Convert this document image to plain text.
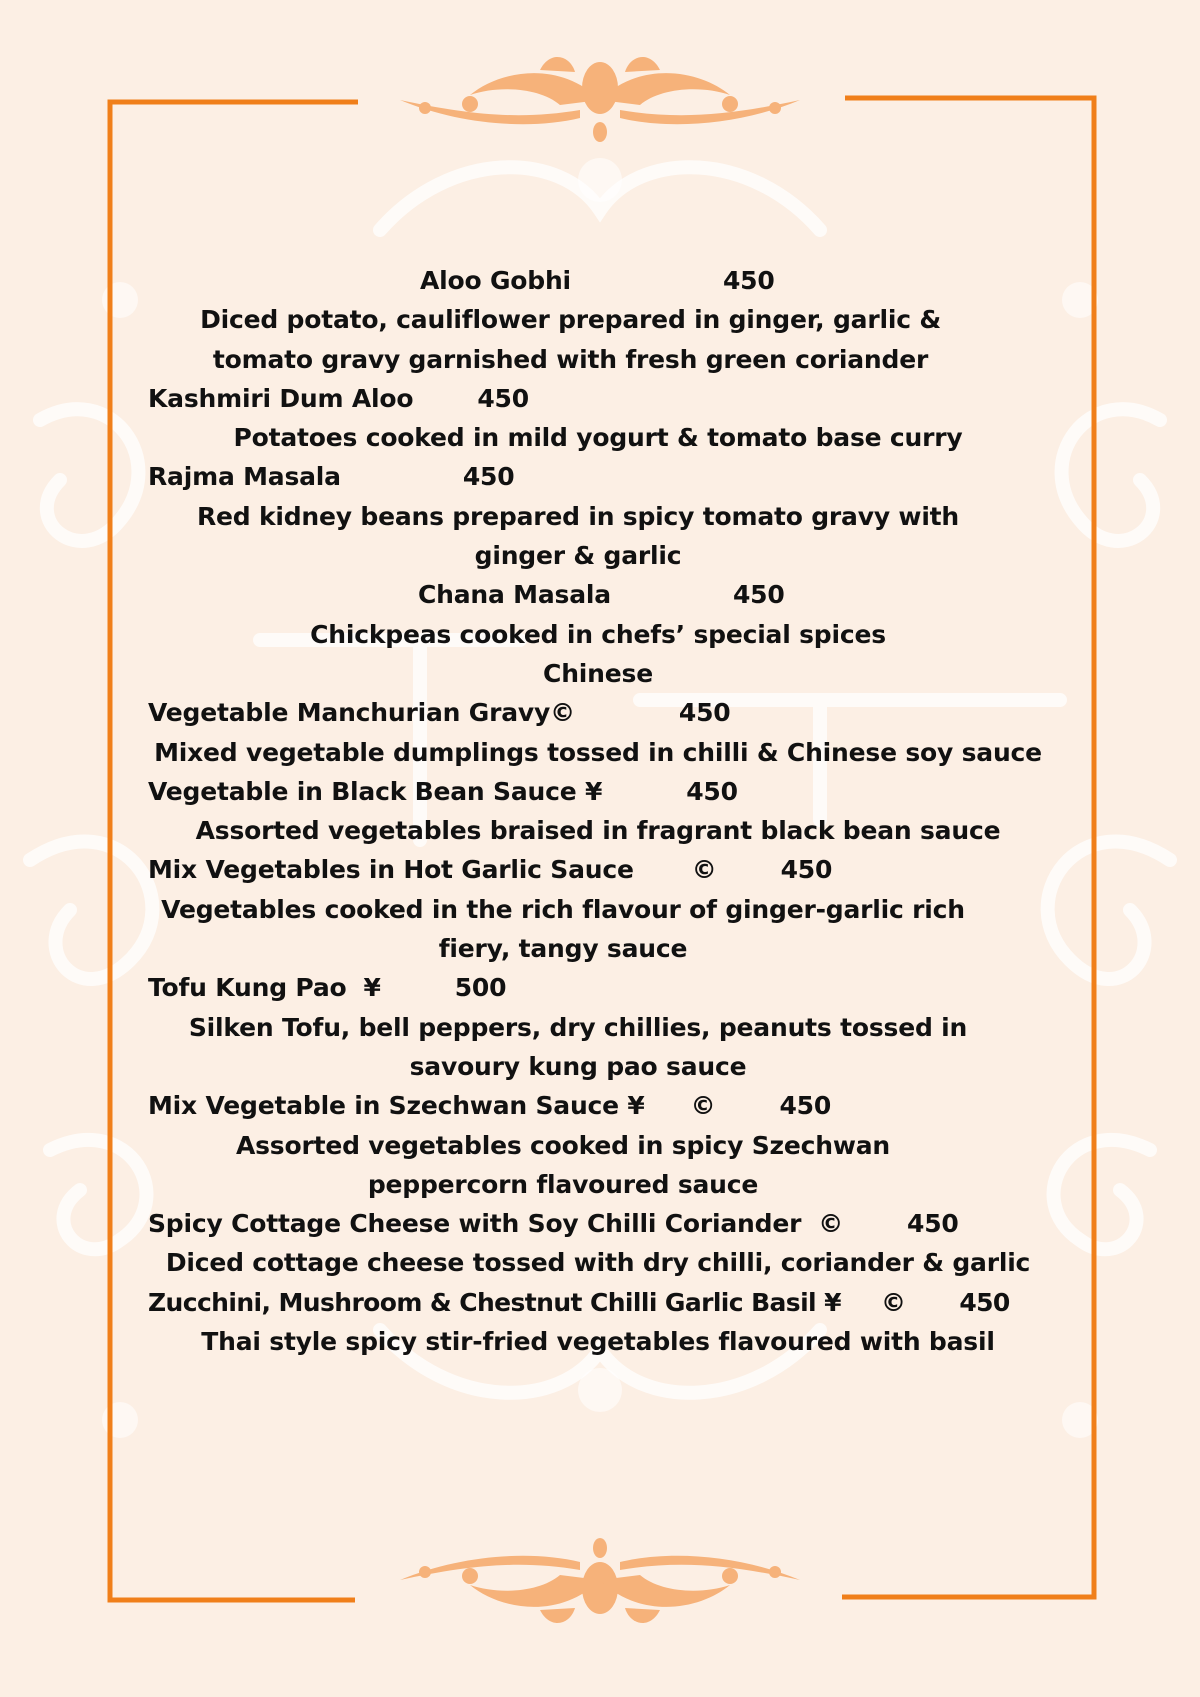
Aloo Gobhi	450
Diced potato, cauliflower prepared in ginger, garlic & tomato gravy garnished with fresh green coriander
Kashmiri Dum Aloo	450
Potatoes cooked in mild yogurt & tomato base curry
Rajma Masala	450
Red kidney beans prepared in spicy tomato gravy with ginger & garlic
Chana Masala	450
Chickpeas cooked in chefs’ special spices
Chinese
Vegetable Manchurian Gravy©	450
Mixed vegetable dumplings tossed in chilli & Chinese soy sauce
Vegetable in Black Bean Sauce ¥	450
Assorted vegetables braised in fragrant black bean sauce
Mix Vegetables in Hot Garlic Sauce ©	450
Vegetables cooked in the rich flavour of ginger-garlic rich fiery, tangy sauce
Tofu Kung Pao  ¥	500
Silken Tofu, bell peppers, dry chillies, peanuts tossed in savoury kung pao sauce
Mix Vegetable in Szechwan Sauce ¥ ©	450
Assorted vegetables cooked in spicy Szechwan peppercorn flavoured sauce
Spicy Cottage Cheese with Soy Chilli Coriander  ©	450
Diced cottage cheese tossed with dry chilli, coriander & garlic
Zucchini, Mushroom & Chestnut Chilli Garlic Basil ¥ © 450
Thai style spicy stir-fried vegetables flavoured with basil
